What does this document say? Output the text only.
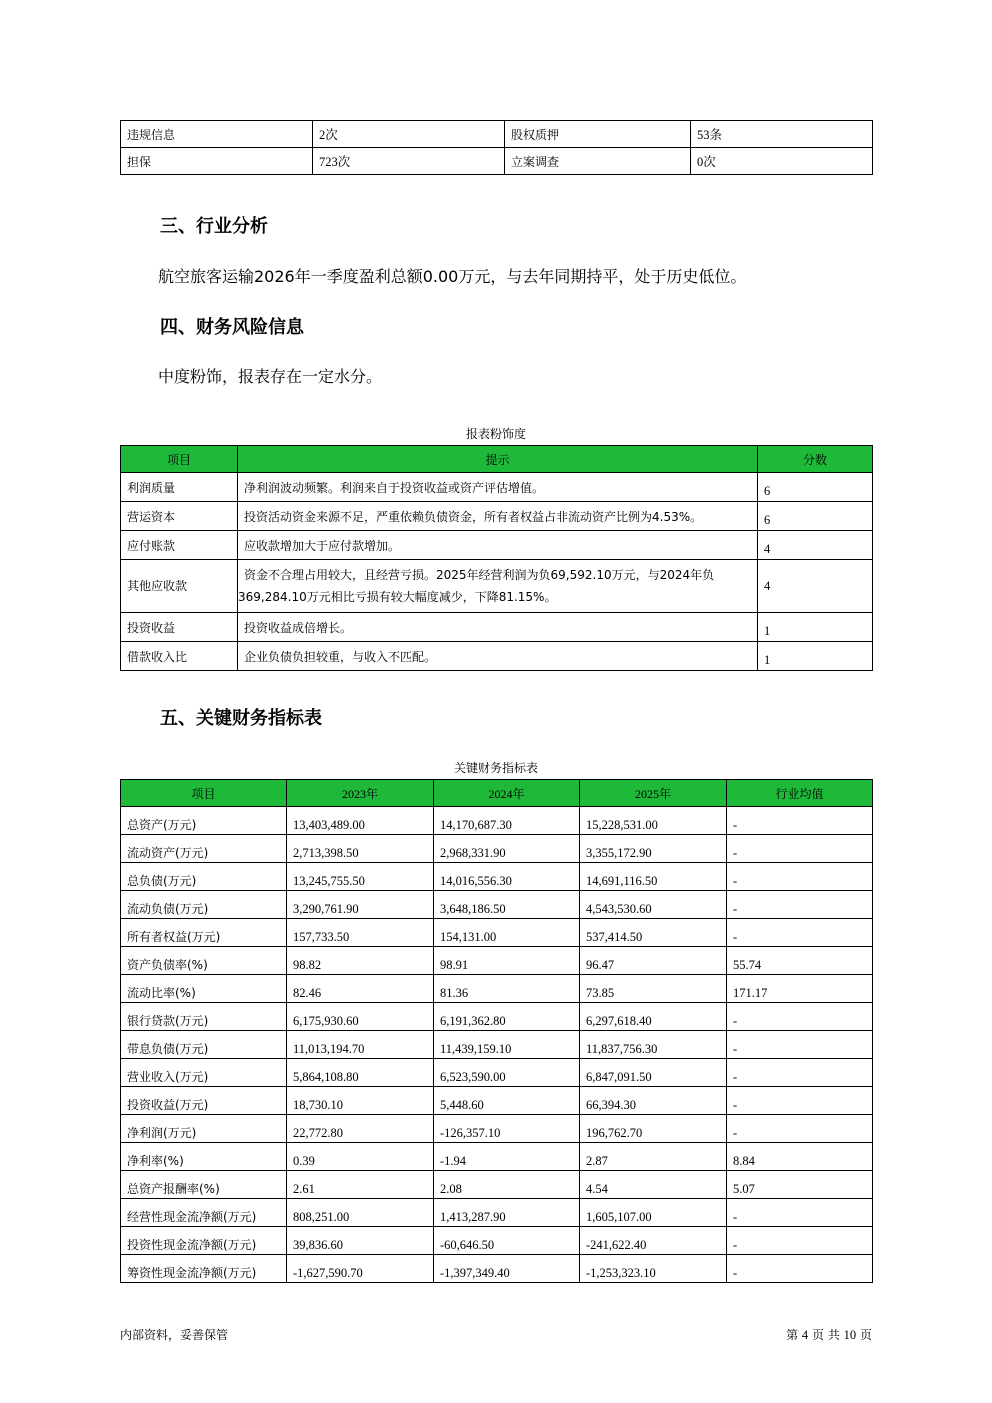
违规信息	2次	股权质押	53条
担保	723次	立案调查	0次
三、行业分析

航空旅客运输2026年一季度盈利总额0.00万元，与去年同期持平，处于历史低位。

四、财务风险信息

中度粉饰，报表存在一定水分。

报表粉饰度
项目	提示	分数
利润质量	净利润波动频繁。利润来自于投资收益或资产评估增值。	6
营运资本	投资活动资金来源不足，严重依赖负债资金，所有者权益占非流动资产比例为4.53%。	6
应付账款	应收款增加大于应付款增加。	4
其他应收款	资金不合理占用较大，且经营亏损。2025年经营利润为负69,592.10万元，与2024年负
369,284.10万元相比亏损有较大幅度减少，下降81.15%。	4
投资收益	投资收益成倍增长。	1
借款收入比	企业负债负担较重，与收入不匹配。	1
五、关键财务指标表
关键财务指标表
项目	2023年	2024年	2025年	行业均值
总资产(万元)	13,403,489.00	14,170,687.30	15,228,531.00	-
流动资产(万元)	2,713,398.50	2,968,331.90	3,355,172.90	-
总负债(万元)	13,245,755.50	14,016,556.30	14,691,116.50	-
流动负债(万元)	3,290,761.90	3,648,186.50	4,543,530.60	-
所有者权益(万元)	157,733.50	154,131.00	537,414.50	-
资产负债率(%)	98.82	98.91	96.47	55.74
流动比率(%)	82.46	81.36	73.85	171.17
银行贷款(万元)	6,175,930.60	6,191,362.80	6,297,618.40	-
带息负债(万元)	11,013,194.70	11,439,159.10	11,837,756.30	-
营业收入(万元)	5,864,108.80	6,523,590.00	6,847,091.50	-
投资收益(万元)	18,730.10	5,448.60	66,394.30	-
净利润(万元)	22,772.80	-126,357.10	196,762.70	-
净利率(%)	0.39	-1.94	2.87	8.84
总资产报酬率(%)	2.61	2.08	4.54	5.07
经营性现金流净额(万元)	808,251.00	1,413,287.90	1,605,107.00	-
投资性现金流净额(万元)	39,836.60	-60,646.50	-241,622.40	-
筹资性现金流净额(万元)	-1,627,590.70	-1,397,349.40	-1,253,323.10	-
内部资料，妥善保管	第 4 页 共 10 页
